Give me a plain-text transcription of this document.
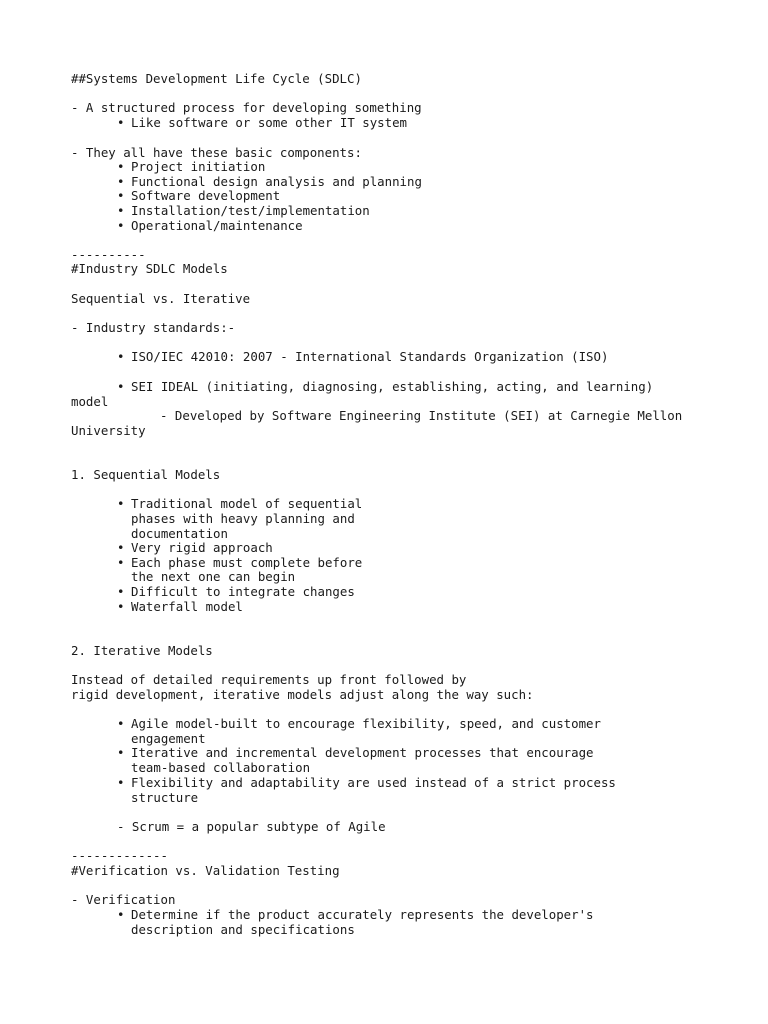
##Systems Development Life Cycle (SDLC)

- A structured process for developing something

• Like software or some other IT system

- They all have these basic components:

• Project initiation

• Functional design analysis and planning

• Software development

• Installation/test/implementation

• Operational/maintenance

----------

#Industry SDLC Models

Sequential vs. Iterative

- Industry standards:-

• ISO/IEC 42010: 2007 - International Standards Organization (ISO)

• SEI IDEAL (initiating, diagnosing, establishing, acting, and learning)

model

- Developed by Software Engineering Institute (SEI) at Carnegie Mellon

University

1. Sequential Models

• Traditional model of sequential

phases with heavy planning and

documentation

• Very rigid approach

• Each phase must complete before

the next one can begin

• Difficult to integrate changes

• Waterfall model

2. Iterative Models

Instead of detailed requirements up front followed by

rigid development, iterative models adjust along the way such:

• Agile model-built to encourage flexibility, speed, and customer

engagement

• Iterative and incremental development processes that encourage

team-based collaboration

• Flexibility and adaptability are used instead of a strict process

structure

- Scrum = a popular subtype of Agile

-------------

#Verification vs. Validation Testing

- Verification

• Determine if the product accurately represents the developer's

description and specifications
